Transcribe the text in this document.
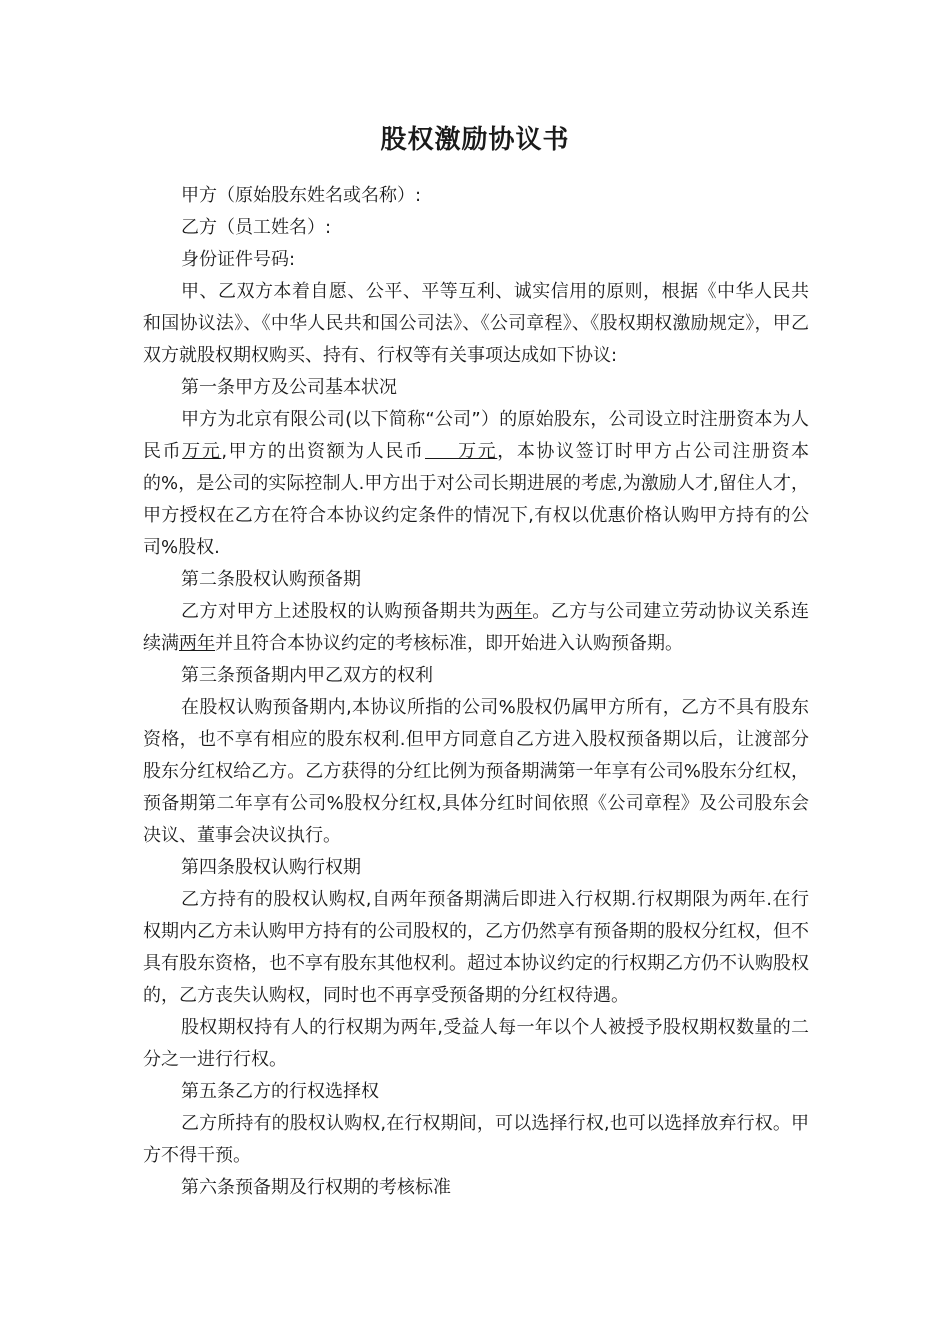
股权激励协议书

甲方（原始股东姓名或名称）:

乙方（员工姓名）:

身份证件号码:

甲、乙双方本着自愿、公平、平等互利、诚实信用的原则，根据《中华人民共和国协议法》、《中华人民共和国公司法》、《公司章程》、《股权期权激励规定》，甲乙双方就股权期权购买、持有、行权等有关事项达成如下协议:

第一条甲方及公司基本状况

甲方为北京有限公司(以下简称“公司”）的原始股东，公司设立时注册资本为人民币万元,甲方的出资额为人民币 万元，本协议签订时甲方占公司注册资本的%，是公司的实际控制人.甲方出于对公司长期进展的考虑,为激励人才,留住人才，甲方授权在乙方在符合本协议约定条件的情况下,有权以优惠价格认购甲方持有的公司%股权.

第二条股权认购预备期

乙方对甲方上述股权的认购预备期共为两年。乙方与公司建立劳动协议关系连续满两年并且符合本协议约定的考核标准，即开始进入认购预备期。

第三条预备期内甲乙双方的权利

在股权认购预备期内,本协议所指的公司%股权仍属甲方所有，乙方不具有股东资格，也不享有相应的股东权利.但甲方同意自乙方进入股权预备期以后，让渡部分股东分红权给乙方。乙方获得的分红比例为预备期满第一年享有公司%股东分红权，预备期第二年享有公司%股权分红权,具体分红时间依照《公司章程》及公司股东会决议、董事会决议执行。

第四条股权认购行权期

乙方持有的股权认购权,自两年预备期满后即进入行权期.行权期限为两年.在行权期内乙方未认购甲方持有的公司股权的，乙方仍然享有预备期的股权分红权，但不具有股东资格，也不享有股东其他权利。超过本协议约定的行权期乙方仍不认购股权的，乙方丧失认购权，同时也不再享受预备期的分红权待遇。

股权期权持有人的行权期为两年,受益人每一年以个人被授予股权期权数量的二分之一进行行权。

第五条乙方的行权选择权

乙方所持有的股权认购权,在行权期间，可以选择行权,也可以选择放弃行权。甲方不得干预。

第六条预备期及行权期的考核标准
